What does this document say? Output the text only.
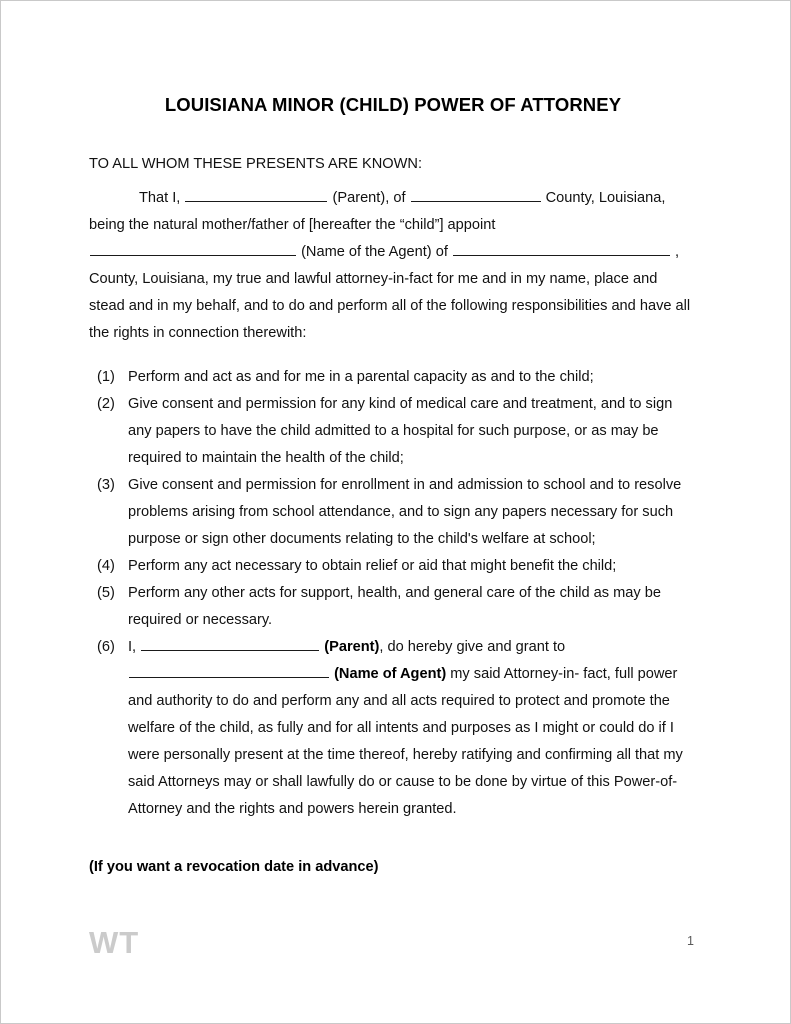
LOUISIANA MINOR (CHILD) POWER OF ATTORNEY

TO ALL WHOM THESE PRESENTS ARE KNOWN:

That I,	(Parent), of	County, Louisiana, being the natural mother/father of [hereafter the “child”] appoint  (Name of the Agent) of	, County, Louisiana, my true and lawful attorney-in-fact for me and in my name, place and stead and in my behalf, and to do and perform all of the following responsibilities and have all the rights in connection therewith:

(1) Perform and act as and for me in a parental capacity as and to the child;
(2) Give consent and permission for any kind of medical care and treatment, and to sign any papers to have the child admitted to a hospital for such purpose, or as may be required to maintain the health of the child;
(3) Give consent and permission for enrollment in and admission to school and to resolve problems arising from school attendance, and to sign any papers necessary for such purpose or sign other documents relating to the child's welfare at school;
(4) Perform any act necessary to obtain relief or aid that might benefit the child;
(5) Perform any other acts for support, health, and general care of the child as may be required or necessary.
(6) I,	(Parent), do hereby give and grant to  (Name of Agent) my said Attorney-in- fact, full power and authority to do and perform any and all acts required to protect and promote the welfare of the child, as fully and for all intents and purposes as I might or could do if I were personally present at the time thereof, hereby ratifying and confirming all that my said Attorneys may or shall lawfully do or cause to be done by virtue of this Power-of-Attorney and the rights and powers herein granted.

(If you want a revocation date in advance)

WT	1
